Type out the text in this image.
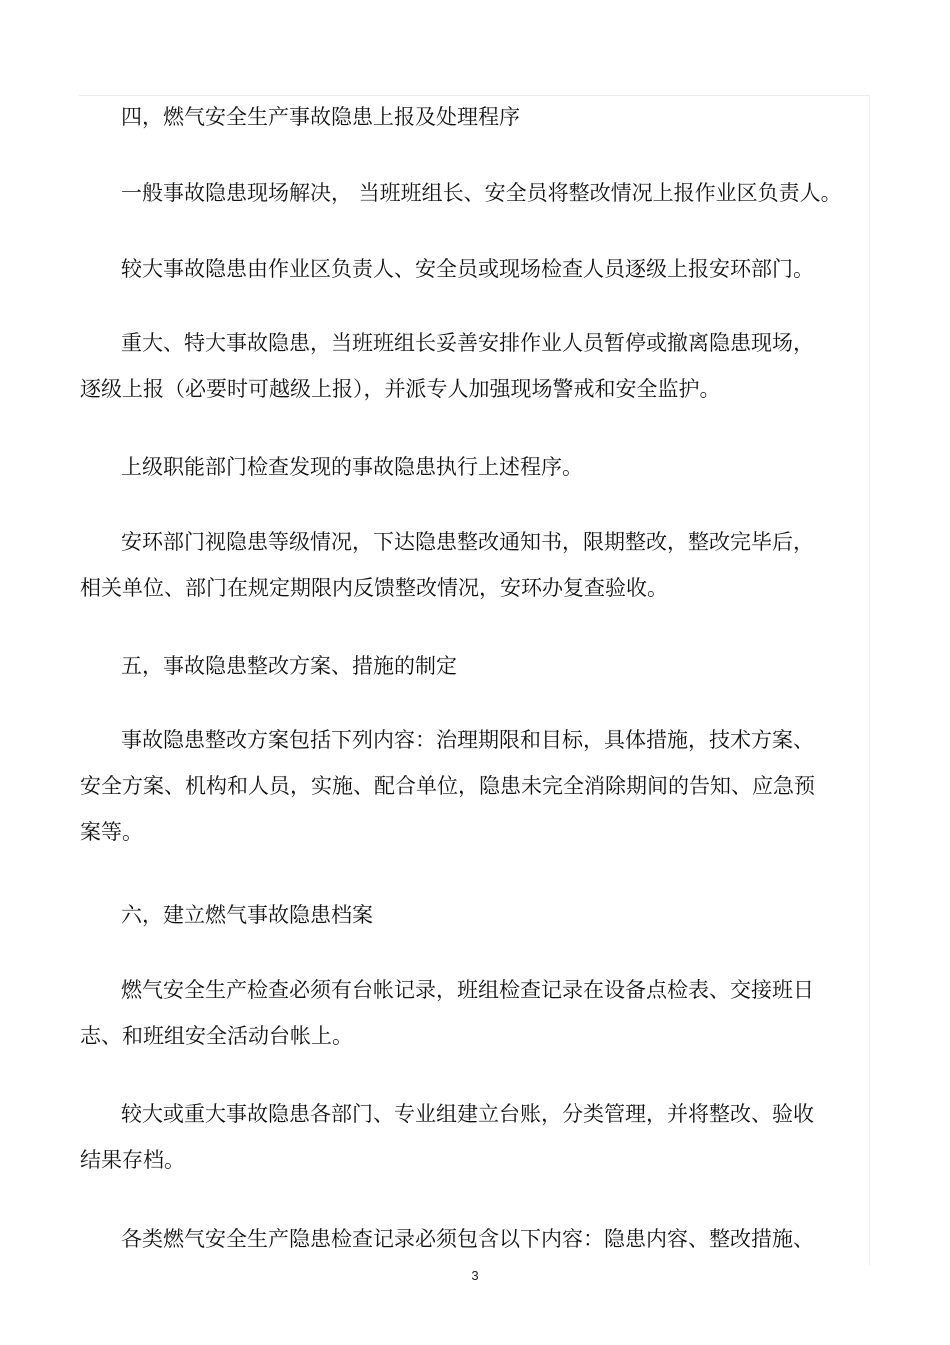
四，燃气安全生产事故隐患上报及处理程序

一般事故隐患现场解决， 当班班组长、安全员将整改情况上报作业区负责人。

较大事故隐患由作业区负责人、安全员或现场检查人员逐级上报安环部门。

重大、特大事故隐患，当班班组长妥善安排作业人员暂停或撤离隐患现场，
逐级上报（必要时可越级上报），并派专人加强现场警戒和安全监护。

上级职能部门检查发现的事故隐患执行上述程序。

安环部门视隐患等级情况，下达隐患整改通知书，限期整改，整改完毕后，
相关单位、部门在规定期限内反馈整改情况，安环办复查验收。

五，事故隐患整改方案、措施的制定

事故隐患整改方案包括下列内容：治理期限和目标，具体措施，技术方案、
安全方案、机构和人员，实施、配合单位，隐患未完全消除期间的告知、应急预
案等。

六，建立燃气事故隐患档案

燃气安全生产检查必须有台帐记录，班组检查记录在设备点检表、交接班日
志、和班组安全活动台帐上。

较大或重大事故隐患各部门、专业组建立台账，分类管理，并将整改、验收
结果存档。

各类燃气安全生产隐患检查记录必须包含以下内容：隐患内容、整改措施、

3
